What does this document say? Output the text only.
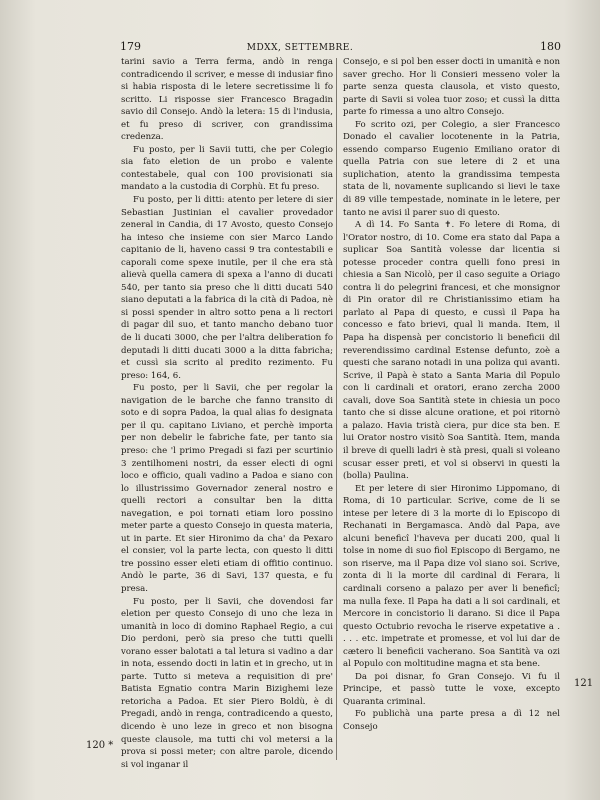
179	MDXX, SETTEMBRE.	180

tarini savio a Terra ferma, andò in renga contradicendo il scriver, e messe di indusiar fino si habia risposta di le letere secretissime li fo scritto. Li risposse sier Francesco Bragadin savio dil Consejo. Andò la letera: 15 di l'indusia, et fu preso di scriver, con grandissima credenza.

Fu posto, per li Savii tutti, che per Colegio sia fato eletion de un probo e valente contestabele, qual con 100 provisionati sia mandato a la custodia di Corphù. Et fu preso.

Fu posto, per li ditti: atento per letere di sier Sebastian Justinian el cavalier provedador zeneral in Candia, di 17 Avosto, questo Consejo ha inteso che insieme con sier Marco Lando capitanio de li, haveno cassi 9 tra contestabili e caporali come spexe inutile, per il che era stà alievà quella camera di spexa a l'anno di ducati 540, per tanto sia preso che li ditti ducati 540 siano deputati a la fabrica di la cità di Padoa, nè si possi spender in altro sotto pena a li rectori di pagar dil suo, et tanto mancho debano tuor de li ducati 3000, che per l'altra deliberation fo deputadi li ditti ducati 3000 a la ditta fabricha; et cussì sia scrito al predito rezimento. Fu preso: 164, 6.

Fu posto, per li Savii, che per regolar la navigation de le barche che fanno transito di soto e di sopra Padoa, la qual alias fo designata per il qu. capitano Liviano, et perchè importa per non debelir le fabriche fate, per tanto sia preso: che 'l primo Pregadi si fazi per scurtinio 3 zentilhomeni nostri, da esser electi di ogni loco e officio, quali vadino a Padoa e siano con lo illustrissimo Governador zeneral nostro e quelli rectori a consultar ben la ditta navegation, e poi tornati etiam loro possino meter parte a questo Consejo in questa materia, ut in parte. Et sier Hironimo da cha' da Pexaro el consier, vol la parte lecta, con questo li ditti tre possino esser eleti etiam di offitio continuo. Andò le parte, 36 di Savi, 137 questa, e fu presa.

Fu posto, per li Savii, che dovendosi far eletion per questo Consejo di uno che leza in umanità in loco di domino Raphael Regio, a cui Dio perdoni, però sia preso che tutti quelli vorano esser balotati a tal letura si vadino a dar in nota, essendo docti in latin et in grecho, ut in parte. Tutto si meteva a requisition di pre' Batista Egnatio contra Marin Bizighemi leze retoricha a Padoa. Et sier Piero Boldù, è di Pregadi, andò in renga, contradicendo a questo, dicendo è uno leze in greco et non bisogna queste clausole, ma tutti chi vol metersi a la prova si possi meter; con altre parole, dicendo si vol inganar il

Consejo, e si pol ben esser docti in umanità e non saver grecho. Hor li Consieri messeno voler la parte senza questa clausola, et visto questo, parte di Savii si volea tuor zoso; et cussì la ditta parte fo rimessa a uno altro Consejo.

Fo scrito ozi, per Colegio, a sier Francesco Donado el cavalier locotenente in la Patria, essendo comparso Eugenio Emiliano orator di quella Patria con sue letere di 2 et una suplichation, atento la grandissima tempesta stata de li, novamente suplicando si lievi le taxe di 89 ville tempestade, nominate in le letere, per tanto ne avisi il parer suo di questo.

A dì 14. Fo Santa ✝. Fo letere di Roma, di l'Orator nostro, di 10. Come era stato dal Papa a suplicar Soa Santità volesse dar licentia si potesse proceder contra quelli fono presi in chiesia a San Nicolò, per il caso seguite a Oriago contra li do pelegrini francesi, et che monsignor di Pin orator dil re Christianissimo etiam ha parlato al Papa di questo, e cussì il Papa ha concesso e fato brievi, qual li manda. Item, il Papa ha dispensà per concistorio li beneficii dil reverendissimo cardinal Estense defunto, zoè a questi che sarano notadi in una poliza qui avanti. Scrive, il Papà è stato a Santa Maria dil Populo con li cardinali et oratori, erano zercha 2000 cavali, dove Soa Santità stete in chiesia un poco tanto che si disse alcune oratione, et poi ritornò a palazo. Havia tristà ciera, pur dice sta ben. E lui Orator nostro visitò Soa Santità. Item, manda il breve di quelli ladri è stà presi, quali si voleano scusar esser preti, et vol si observi in questi la (bolla) Paulina.

Et per letere di sier Hironimo Lippomano, di Roma, di 10 particular. Scrive, come de li se intese per letere di 3 la morte di lo Episcopo di Rechanati in Bergamasca. Andò dal Papa, ave alcuni beneficî l'haveva per ducati 200, qual li tolse in nome di suo fiol Episcopo di Bergamo, ne son riserve, ma il Papa dize vol siano soi. Scrive, zonta di li la morte dil cardinal di Ferara, li cardinali corseno a palazo per aver li beneficî; ma nulla fexe. Il Papa ha dati a li soi cardinali, et Mercore in concistorio li darano. Si dice il Papa questo Octubrio revocha le riserve expetative a . . . . etc. impetrate et promesse, et vol lui dar de cætero li beneficii vacherano. Soa Santità va ozi al Populo con moltitudine magna et sta bene.

Da poi disnar, fo Gran Consejo. Vi fu il Principe, et passò tutte le voxe, excepto Quaranta criminal.

Fo publichà una parte presa a dì 12 nel Consejo

120 *
121
